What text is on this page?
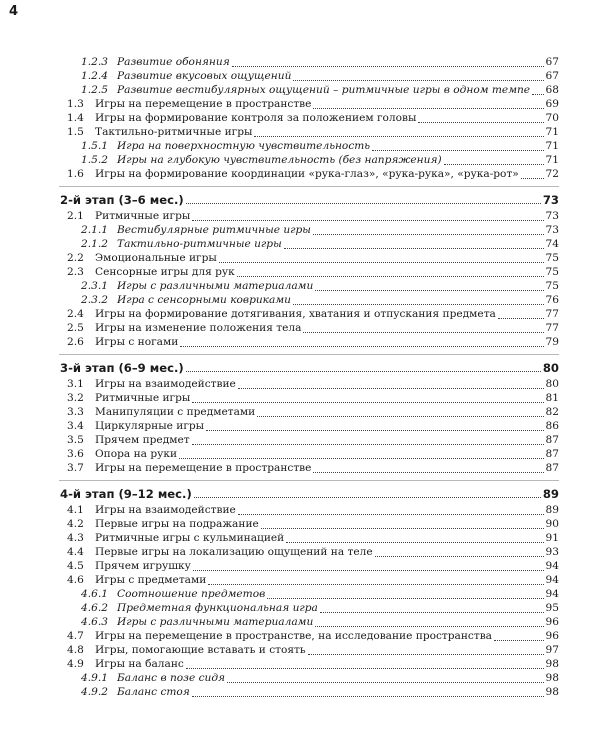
4
1.2.3 Развитие обоняния	67
1.2.4 Развитие вкусовых ощущений	67
1.2.5 Развитие вестибулярных ощущений – ритмичные игры в одном темпе 68
1.3 Игры на перемещение в пространстве	69
1.4 Игры на формирование контроля за положением головы	70
1.5 Тактильно-ритмичные игры	71
1.5.1 Игра на поверхностную чувствительность	71
1.5.2 Игры на глубокую чувствительность (без напряжения)	71
1.6 Игры на формирование координации «рука-глаз», «рука-рука», «рука-рот»	72
2-й этап (3–6 мес.)	73
2.1 Ритмичные игры	73
2.1.1 Вестибулярные ритмичные игры	73
2.1.2 Тактильно-ритмичные игры	74
2.2 Эмоциональные игры	75
2.3 Сенсорные игры для рук	75
2.3.1 Игры с различными материалами	75
2.3.2 Игра с сенсорными ковриками	76
2.4 Игры на формирование дотягивания, хватания и отпускания предмета	77
2.5 Игры на изменение положения тела	77
2.6 Игры с ногами	79
3-й этап (6–9 мес.)	80
3.1 Игры на взаимодействие	80
3.2 Ритмичные игры	81
3.3 Манипуляции с предметами	82
3.4 Циркулярные игры	86
3.5 Прячем предмет	87
3.6 Опора на руки	87
3.7 Игры на перемещение в пространстве	87
4-й этап (9–12 мес.)	89
4.1 Игры на взаимодействие	89
4.2 Первые игры на подражание	90
4.3 Ритмичные игры с кульминацией	91
4.4 Первые игры на локализацию ощущений на теле	93
4.5 Прячем игрушку	94
4.6 Игры с предметами	94
4.6.1 Соотношение предметов	94
4.6.2 Предметная функциональная игра	95
4.6.3 Игры с различными материалами	96
4.7 Игры на перемещение в пространстве, на исследование пространства	96
4.8 Игры, помогающие вставать и стоять	97
4.9 Игры на баланс	98
4.9.1 Баланс в позе сидя	98
4.9.2 Баланс стоя	98
